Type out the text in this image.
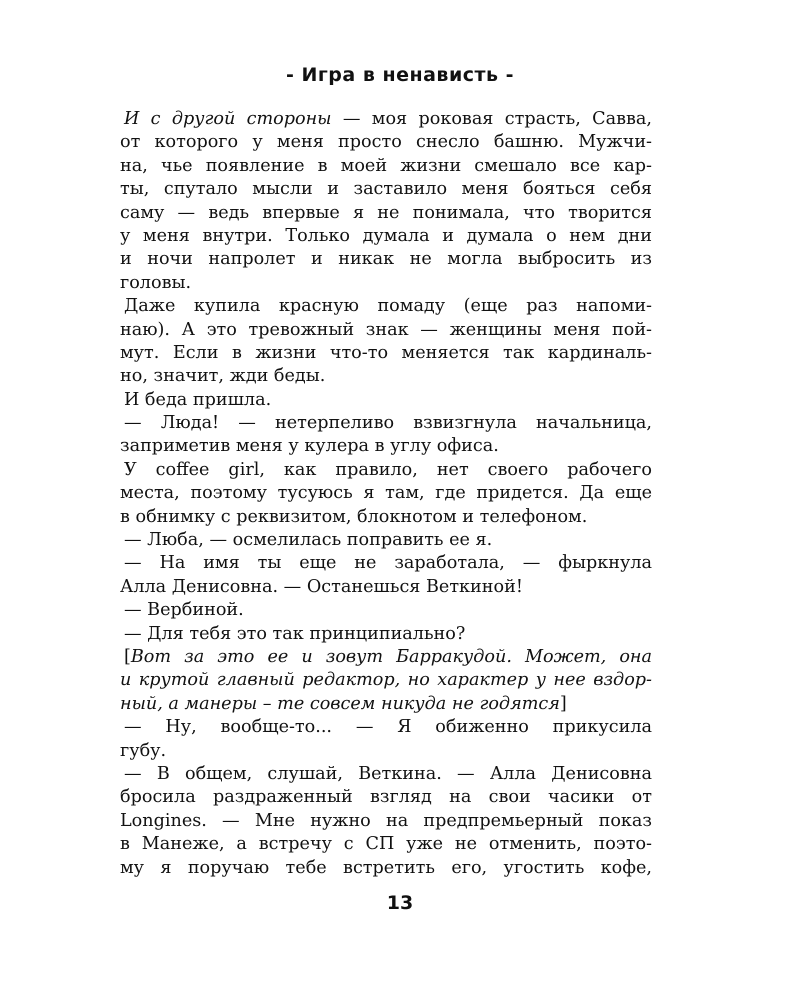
- Игра в ненависть -
И с другой стороны — моя роковая страсть, Савва,
от которого у меня просто снесло башню. Мужчи-
на, чье появление в моей жизни смешало все кар-
ты, спутало мысли и заставило меня бояться себя
саму — ведь впервые я не понимала, что творится
у меня внутри. Только думала и думала о нем дни
и ночи напролет и никак не могла выбросить из
головы.
Даже купила красную помаду (еще раз напоми-
наю). А это тревожный знак — женщины меня пой-
мут. Если в жизни что-то меняется так кардиналь-
но, значит, жди беды.
И беда пришла.
— Люда! — нетерпеливо взвизгнула начальница,
заприметив меня у кулера в углу офиса.
У coffee girl, как правило, нет своего рабочего
места, поэтому тусуюсь я там, где придется. Да еще
в обнимку с реквизитом, блокнотом и телефоном.
— Люба, — осмелилась поправить ее я.
— На имя ты еще не заработала, — фыркнула
Алла Денисовна. — Останешься Веткиной!
— Вербиной.
— Для тебя это так принципиально?
[Вот за это ее и зовут Барракудой. Может, она
и крутой главный редактор, но характер у нее вздор-
ный, а манеры – те совсем никуда не годятся]
— Ну, вообще-то... — Я обиженно прикусила
губу.
— В общем, слушай, Веткина. — Алла Денисовна
бросила раздраженный взгляд на свои часики от
Longines. — Мне нужно на предпремьерный показ
в Манеже, а встречу с СП уже не отменить, поэто-
му я поручаю тебе встретить его, угостить кофе,
13
